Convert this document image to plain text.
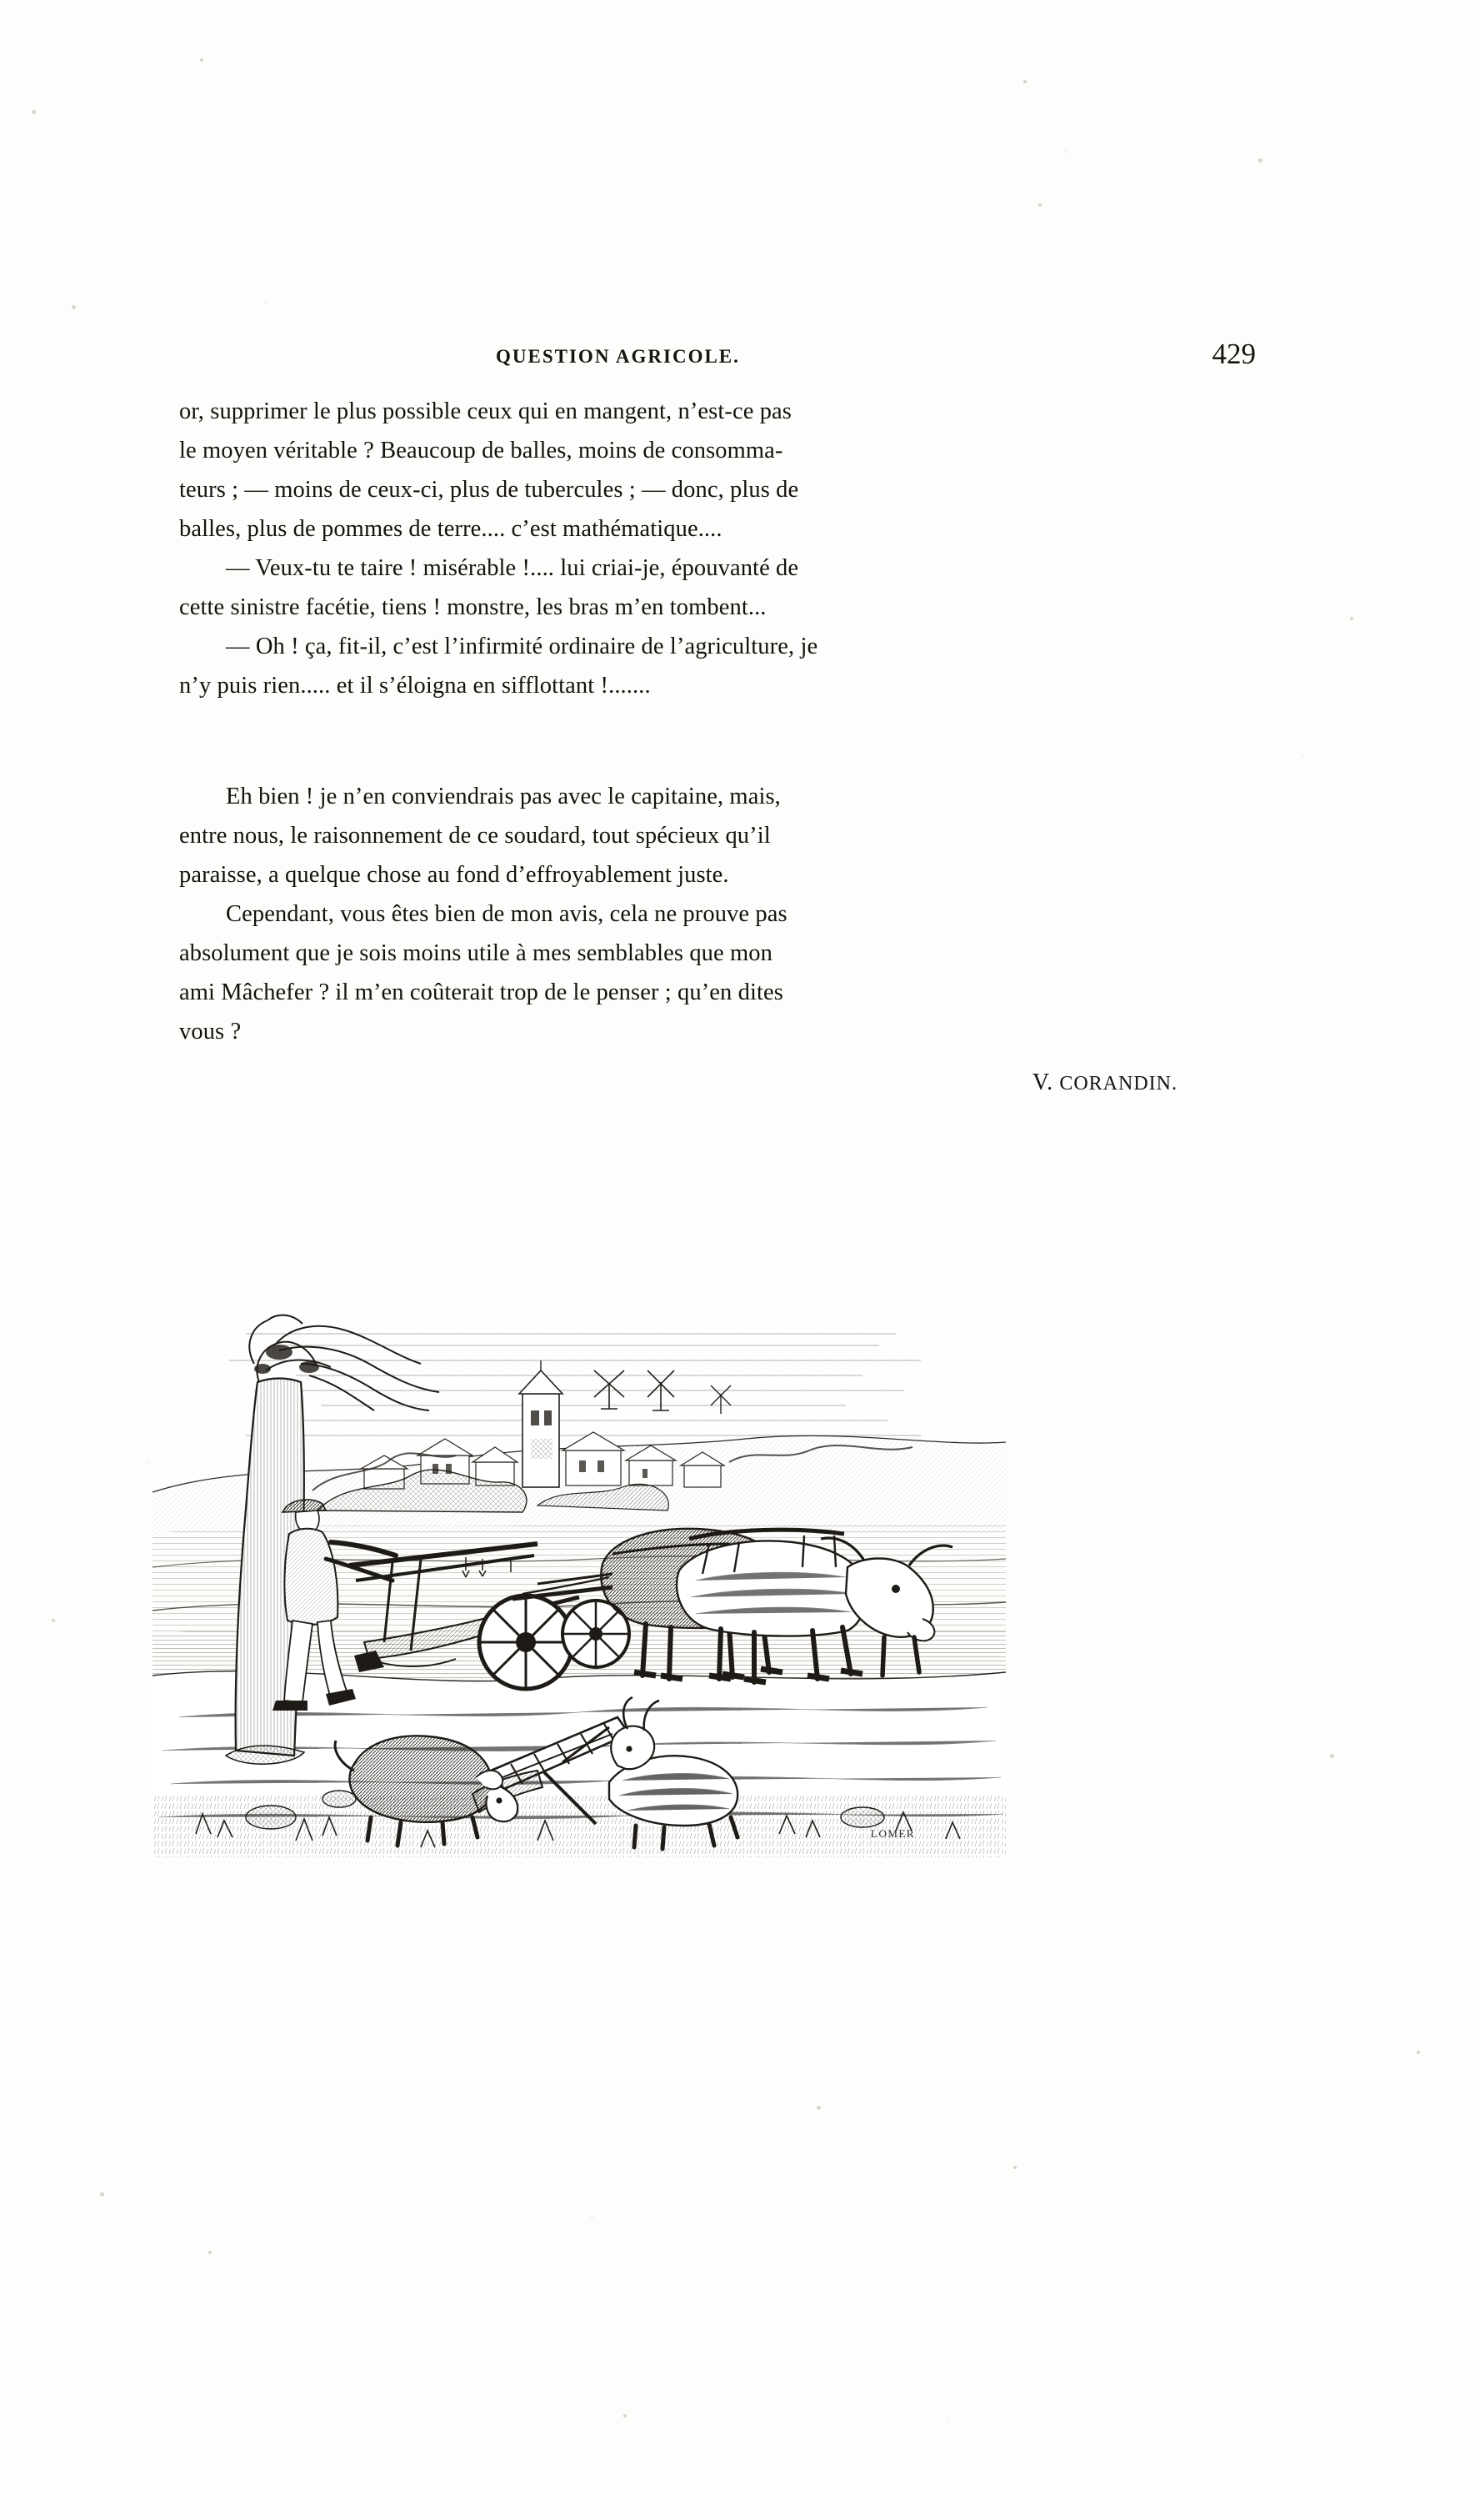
QUESTION AGRICOLE.	429
or, supprimer le plus possible ceux qui en mangent, n’est-ce pas
le moyen véritable ? Beaucoup de balles, moins de consomma-
teurs ; — moins de ceux-ci, plus de tubercules ; — donc, plus de
balles, plus de pommes de terre.... c’est mathématique....
— Veux-tu te taire ! misérable !.... lui criai-je, épouvanté de
cette sinistre facétie, tiens ! monstre, les bras m’en tombent...
— Oh ! ça, fit-il, c’est l’infirmité ordinaire de l’agriculture, je
n’y puis rien..... et il s’éloigna en sifflottant !.......
Eh bien ! je n’en conviendrais pas avec le capitaine, mais,
entre nous, le raisonnement de ce soudard, tout spécieux qu’il
paraisse, a quelque chose au fond d’effroyablement juste.
Cependant, vous êtes bien de mon avis, cela ne prouve pas
absolument que je sois moins utile à mes semblables que mon
ami Mâchefer ? il m’en coûterait trop de le penser ; qu’en dites
vous ?
V. CORANDIN.
LOMER
